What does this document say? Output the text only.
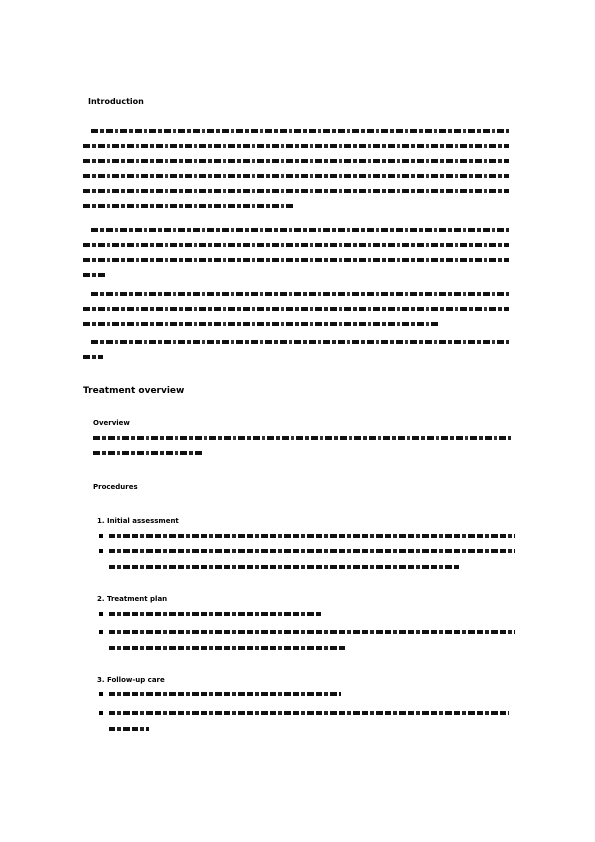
Introduction
Treatment overview
Overview
Procedures
1. Initial assessment
2. Treatment plan
3. Follow-up care
